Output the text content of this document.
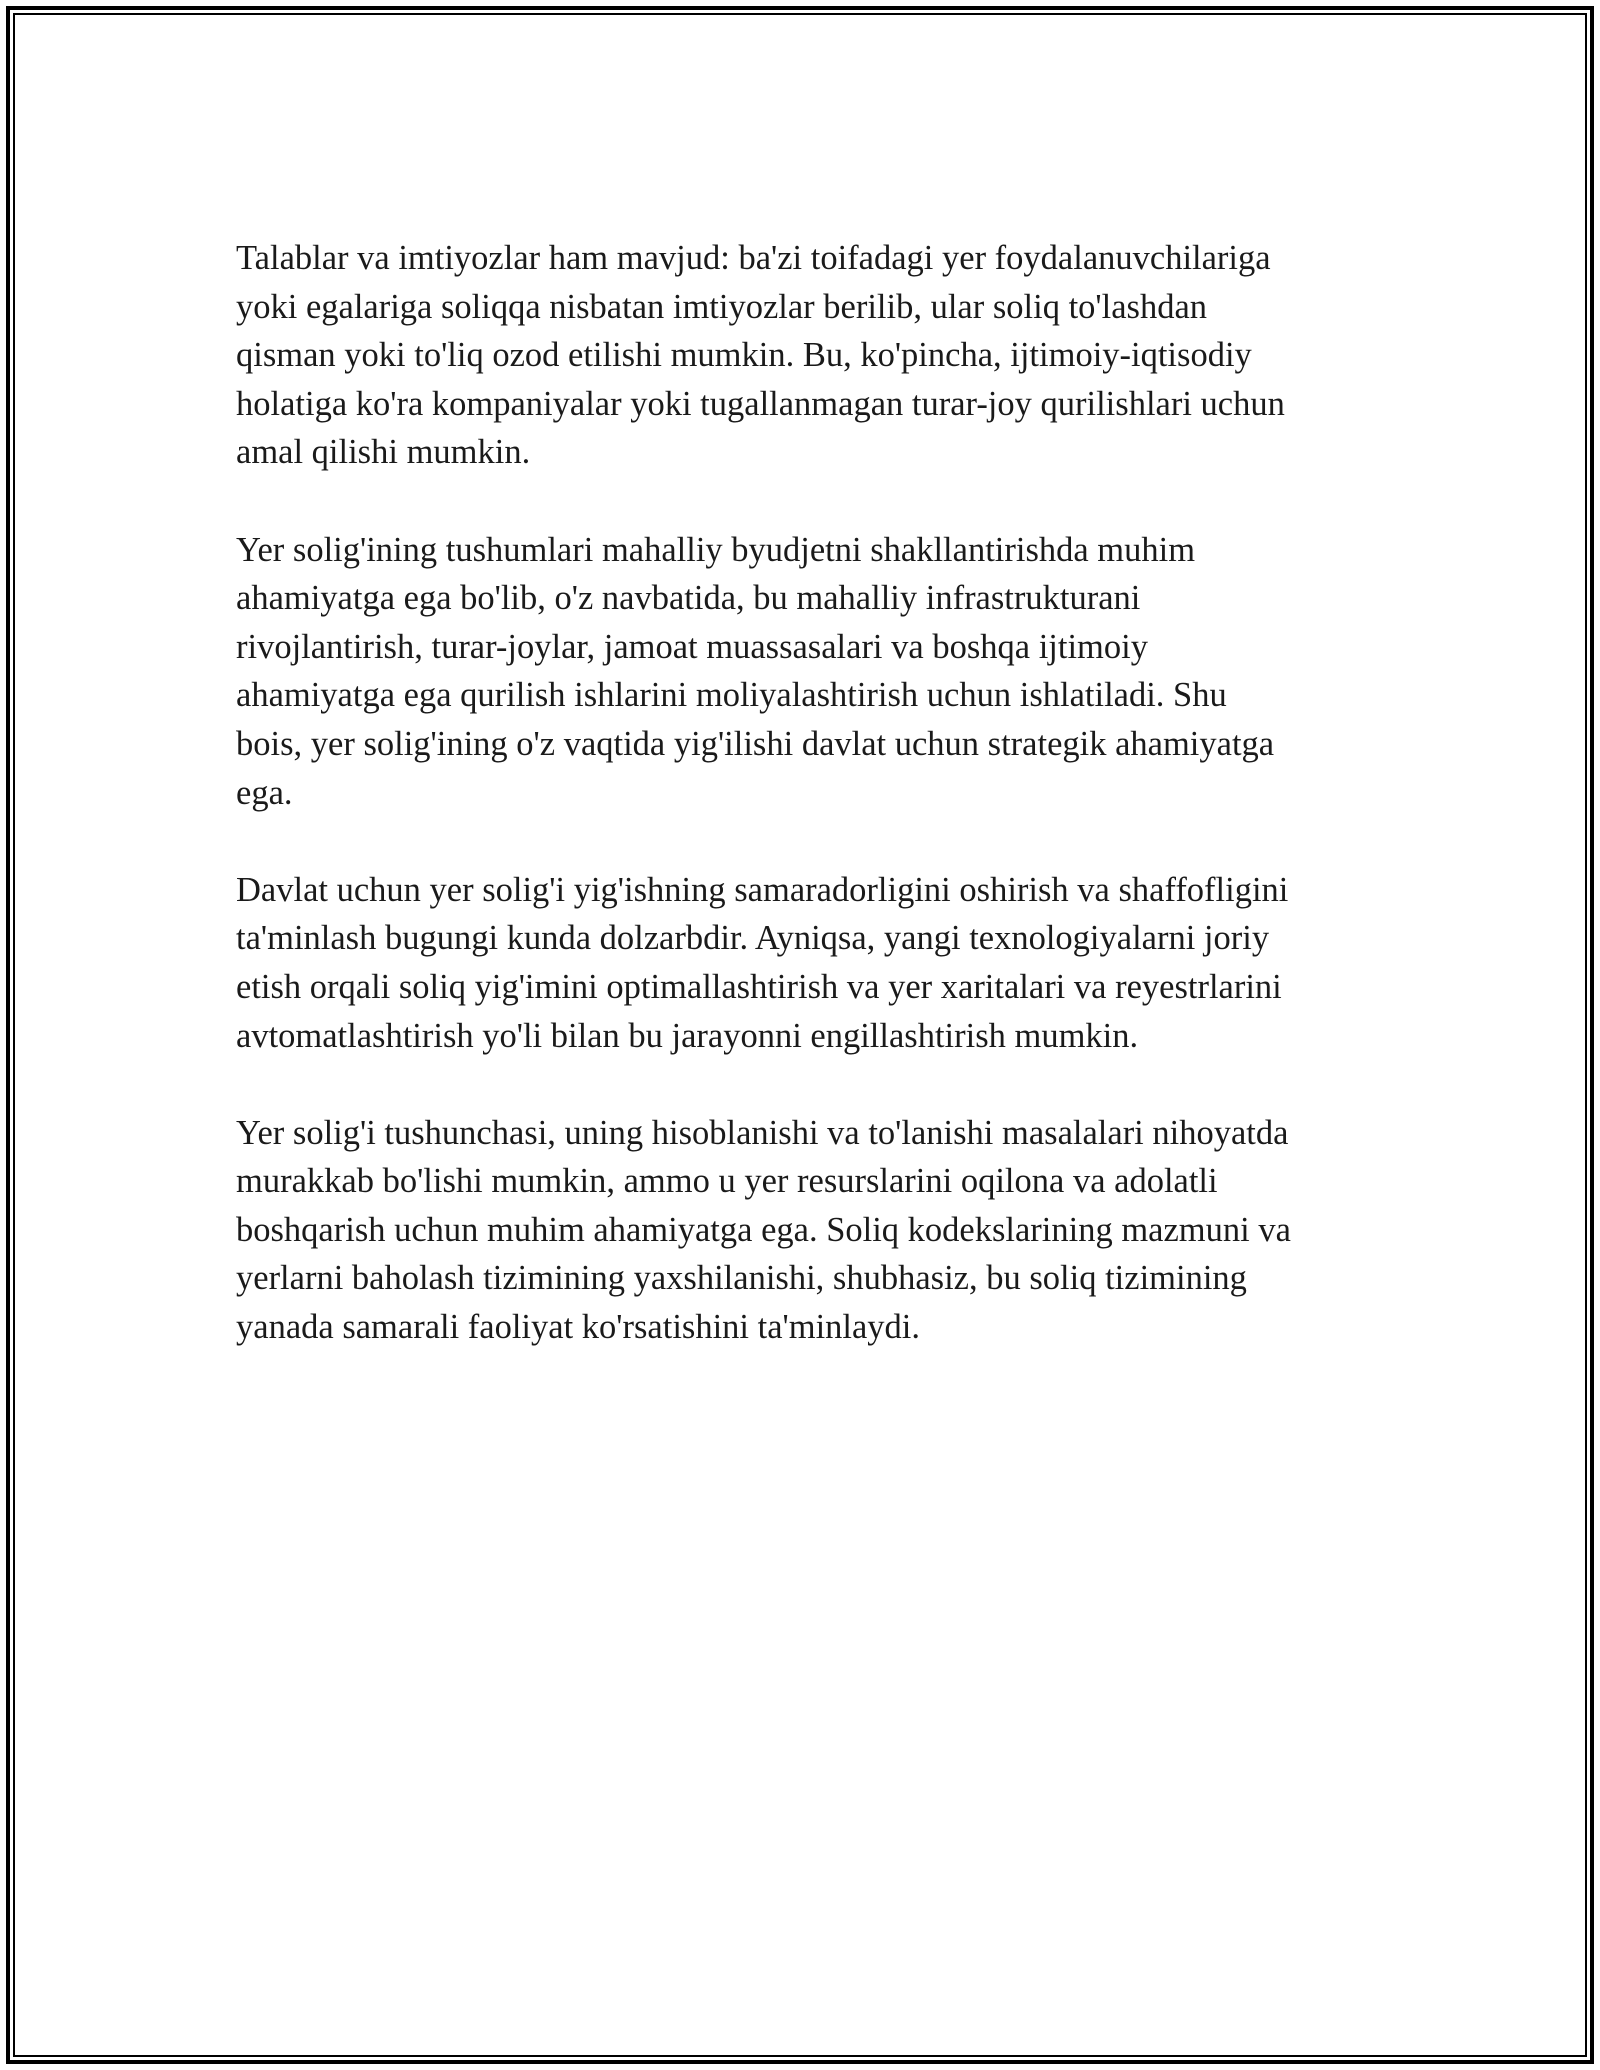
Talablar va imtiyozlar ham mavjud: ba'zi toifadagi yer foydalanuvchilariga
yoki egalariga soliqqa nisbatan imtiyozlar berilib, ular soliq to'lashdan
qisman yoki to'liq ozod etilishi mumkin. Bu, ko'pincha, ijtimoiy-iqtisodiy
holatiga ko'ra kompaniyalar yoki tugallanmagan turar-joy qurilishlari uchun
amal qilishi mumkin.

Yer solig'ining tushumlari mahalliy byudjetni shakllantirishda muhim
ahamiyatga ega bo'lib, o'z navbatida, bu mahalliy infrastrukturani
rivojlantirish, turar-joylar, jamoat muassasalari va boshqa ijtimoiy
ahamiyatga ega qurilish ishlarini moliyalashtirish uchun ishlatiladi. Shu
bois, yer solig'ining o'z vaqtida yig'ilishi davlat uchun strategik ahamiyatga
ega.

Davlat uchun yer solig'i yig'ishning samaradorligini oshirish va shaffofligini
ta'minlash bugungi kunda dolzarbdir. Ayniqsa, yangi texnologiyalarni joriy
etish orqali soliq yig'imini optimallashtirish va yer xaritalari va reyestrlarini
avtomatlashtirish yo'li bilan bu jarayonni engillashtirish mumkin.

Yer solig'i tushunchasi, uning hisoblanishi va to'lanishi masalalari nihoyatda
murakkab bo'lishi mumkin, ammo u yer resurslarini oqilona va adolatli
boshqarish uchun muhim ahamiyatga ega. Soliq kodekslarining mazmuni va
yerlarni baholash tizimining yaxshilanishi, shubhasiz, bu soliq tizimining
yanada samarali faoliyat ko'rsatishini ta'minlaydi.
